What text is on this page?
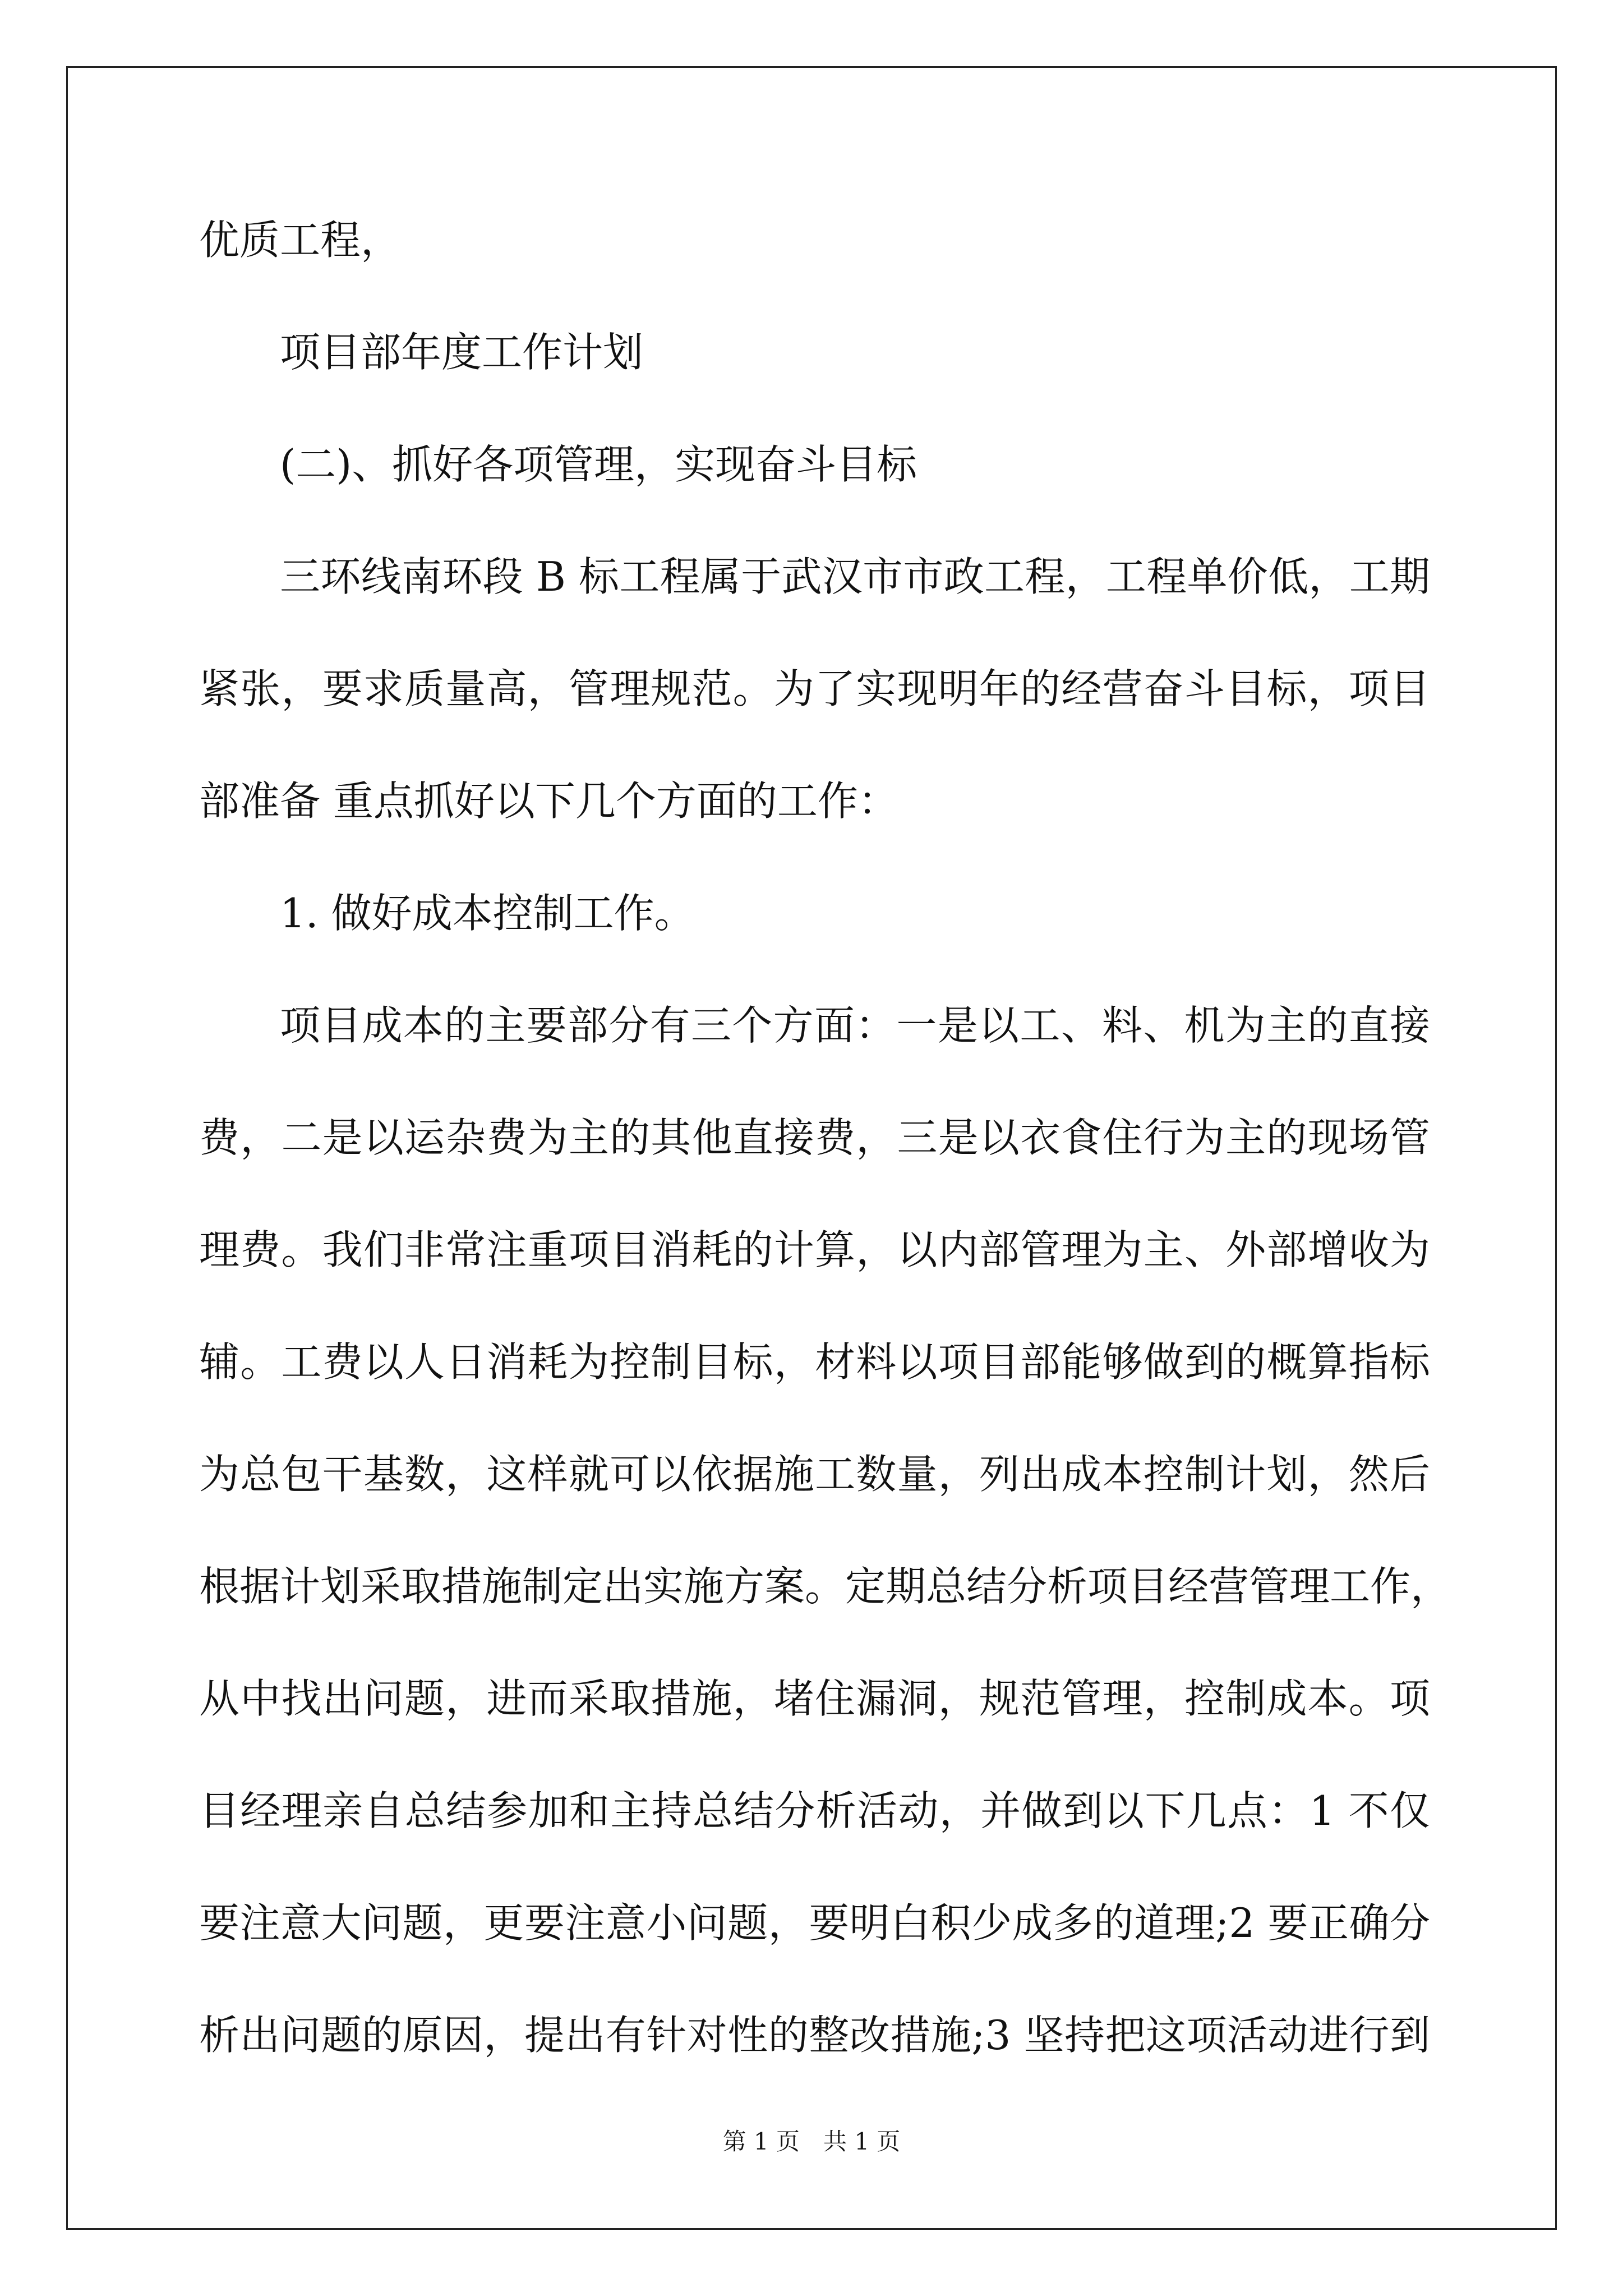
优质工程，
项目部年度工作计划
(二)、抓好各项管理，实现奋斗目标
三环线南环段 B 标工程属于武汉市市政工程，工程单价低，工期
紧张，要求质量高，管理规范。为了实现明年的经营奋斗目标，项目
部准备 重点抓好以下几个方面的工作：
1. 做好成本控制工作。
项目成本的主要部分有三个方面：一是以工、料、机为主的直接
费，二是以运杂费为主的其他直接费，三是以衣食住行为主的现场管
理费。我们非常注重项目消耗的计算，以内部管理为主、外部增收为
辅。工费以人日消耗为控制目标，材料以项目部能够做到的概算指标
为总包干基数，这样就可以依据施工数量，列出成本控制计划，然后
根据计划采取措施制定出实施方案。定期总结分析项目经营管理工作，
从中找出问题，进而采取措施，堵住漏洞，规范管理，控制成本。项
目经理亲自总结参加和主持总结分析活动，并做到以下几点：1 不仅
要注意大问题，更要注意小问题，要明白积少成多的道理;2 要正确分
析出问题的原因，提出有针对性的整改措施;3 坚持把这项活动进行到
第 1 页　共 1 页
